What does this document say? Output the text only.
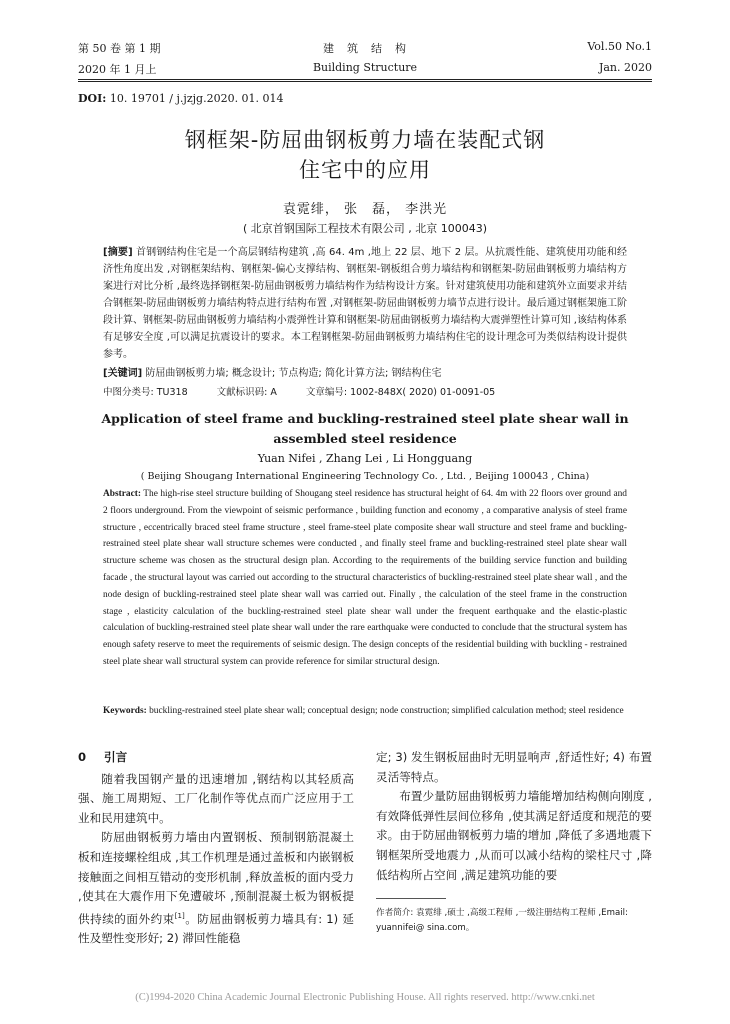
第 50 卷 第 1 期
2020 年 1 月上
建　筑　结　构
Building Structure
Vol.50 No.1
Jan. 2020
DOI: 10. 19701 / j.jzjg.2020. 01. 014
钢框架-防屈曲钢板剪力墙在装配式钢
住宅中的应用
袁霓绯， 张　磊， 李洪光
( 北京首钢国际工程技术有限公司 , 北京 100043)
[摘要] 首钢钢结构住宅是一个高层钢结构建筑 ,高 64. 4m ,地上 22 层、地下 2 层。从抗震性能、建筑使用功能和经济性角度出发 ,对钢框架结构、钢框架-偏心支撑结构、钢框架-钢板组合剪力墙结构和钢框架-防屈曲钢板剪力墙结构方案进行对比分析 ,最终选择钢框架-防屈曲钢板剪力墙结构作为结构设计方案。针对建筑使用功能和建筑外立面要求并结合钢框架-防屈曲钢板剪力墙结构特点进行结构布置 ,对钢框架-防屈曲钢板剪力墙节点进行设计。最后通过钢框架施工阶段计算、钢框架-防屈曲钢板剪力墙结构小震弹性计算和钢框架-防屈曲钢板剪力墙结构大震弹塑性计算可知 ,该结构体系有足够安全度 ,可以满足抗震设计的要求。本工程钢框架-防屈曲钢板剪力墙结构住宅的设计理念可为类似结构设计提供参考。
[关键词] 防屈曲钢板剪力墙; 概念设计; 节点构造; 简化计算方法; 钢结构住宅
中图分类号: TU318	文献标识码: A	文章编号: 1002-848X( 2020) 01-0091-05
Application of steel frame and buckling-restrained steel plate shear wall in
assembled steel residence
Yuan Nifei , Zhang Lei , Li Hongguang
( Beijing Shougang International Engineering Technology Co. , Ltd. , Beijing 100043 , China)
Abstract: The high-rise steel structure building of Shougang steel residence has structural height of 64. 4m with 22 floors over ground and 2 floors underground. From the viewpoint of seismic performance , building function and economy , a comparative analysis of steel frame structure , eccentrically braced steel frame structure , steel frame-steel plate composite shear wall structure and steel frame and buckling-restrained steel plate shear wall structure schemes were conducted , and finally steel frame and buckling-restrained steel plate shear wall structure scheme was chosen as the structural design plan. According to the requirements of the building service function and building facade , the structural layout was carried out according to the structural characteristics of buckling-restrained steel plate shear wall , and the node design of buckling-restrained steel plate shear wall was carried out. Finally , the calculation of the steel frame in the construction stage , elasticity calculation of the buckling-restrained steel plate shear wall under the frequent earthquake and the elastic-plastic calculation of buckling-restrained steel plate shear wall under the rare earthquake were conducted to conclude that the structural system has enough safety reserve to meet the requirements of seismic design. The design concepts of the residential building with buckling - restrained steel plate shear wall structural system can provide reference for similar structural design.
Keywords: buckling-restrained steel plate shear wall; conceptual design; node construction; simplified calculation method; steel residence
0 引言

随着我国钢产量的迅速增加 ,钢结构以其轻质高强、施工周期短、工厂化制作等优点而广泛应用于工业和民用建筑中。

防屈曲钢板剪力墙由内置钢板、预制钢筋混凝土板和连接螺栓组成 ,其工作机理是通过盖板和内嵌钢板接触面之间相互错动的变形机制 ,释放盖板的面内受力 ,使其在大震作用下免遭破坏 ,预制混凝土板为钢板提供持续的面外约束[1]。防屈曲钢板剪力墙具有: 1) 延性及塑性变形好; 2) 滞回性能稳

定; 3) 发生钢板屈曲时无明显响声 ,舒适性好; 4) 布置灵活等特点。

布置少量防屈曲钢板剪力墙能增加结构侧向刚度 ,有效降低弹性层间位移角 ,使其满足舒适度和规范的要求。由于防屈曲钢板剪力墙的增加 ,降低了多遇地震下钢框架所受地震力 ,从而可以减小结构的梁柱尺寸 ,降低结构所占空间 ,满足建筑功能的要

作者简介: 袁霓绯 ,硕士 ,高级工程师 ,一级注册结构工程师 ,Email: yuannifei@ sina.com。
(C)1994-2020 China Academic Journal Electronic Publishing House. All rights reserved. http://www.cnki.net
